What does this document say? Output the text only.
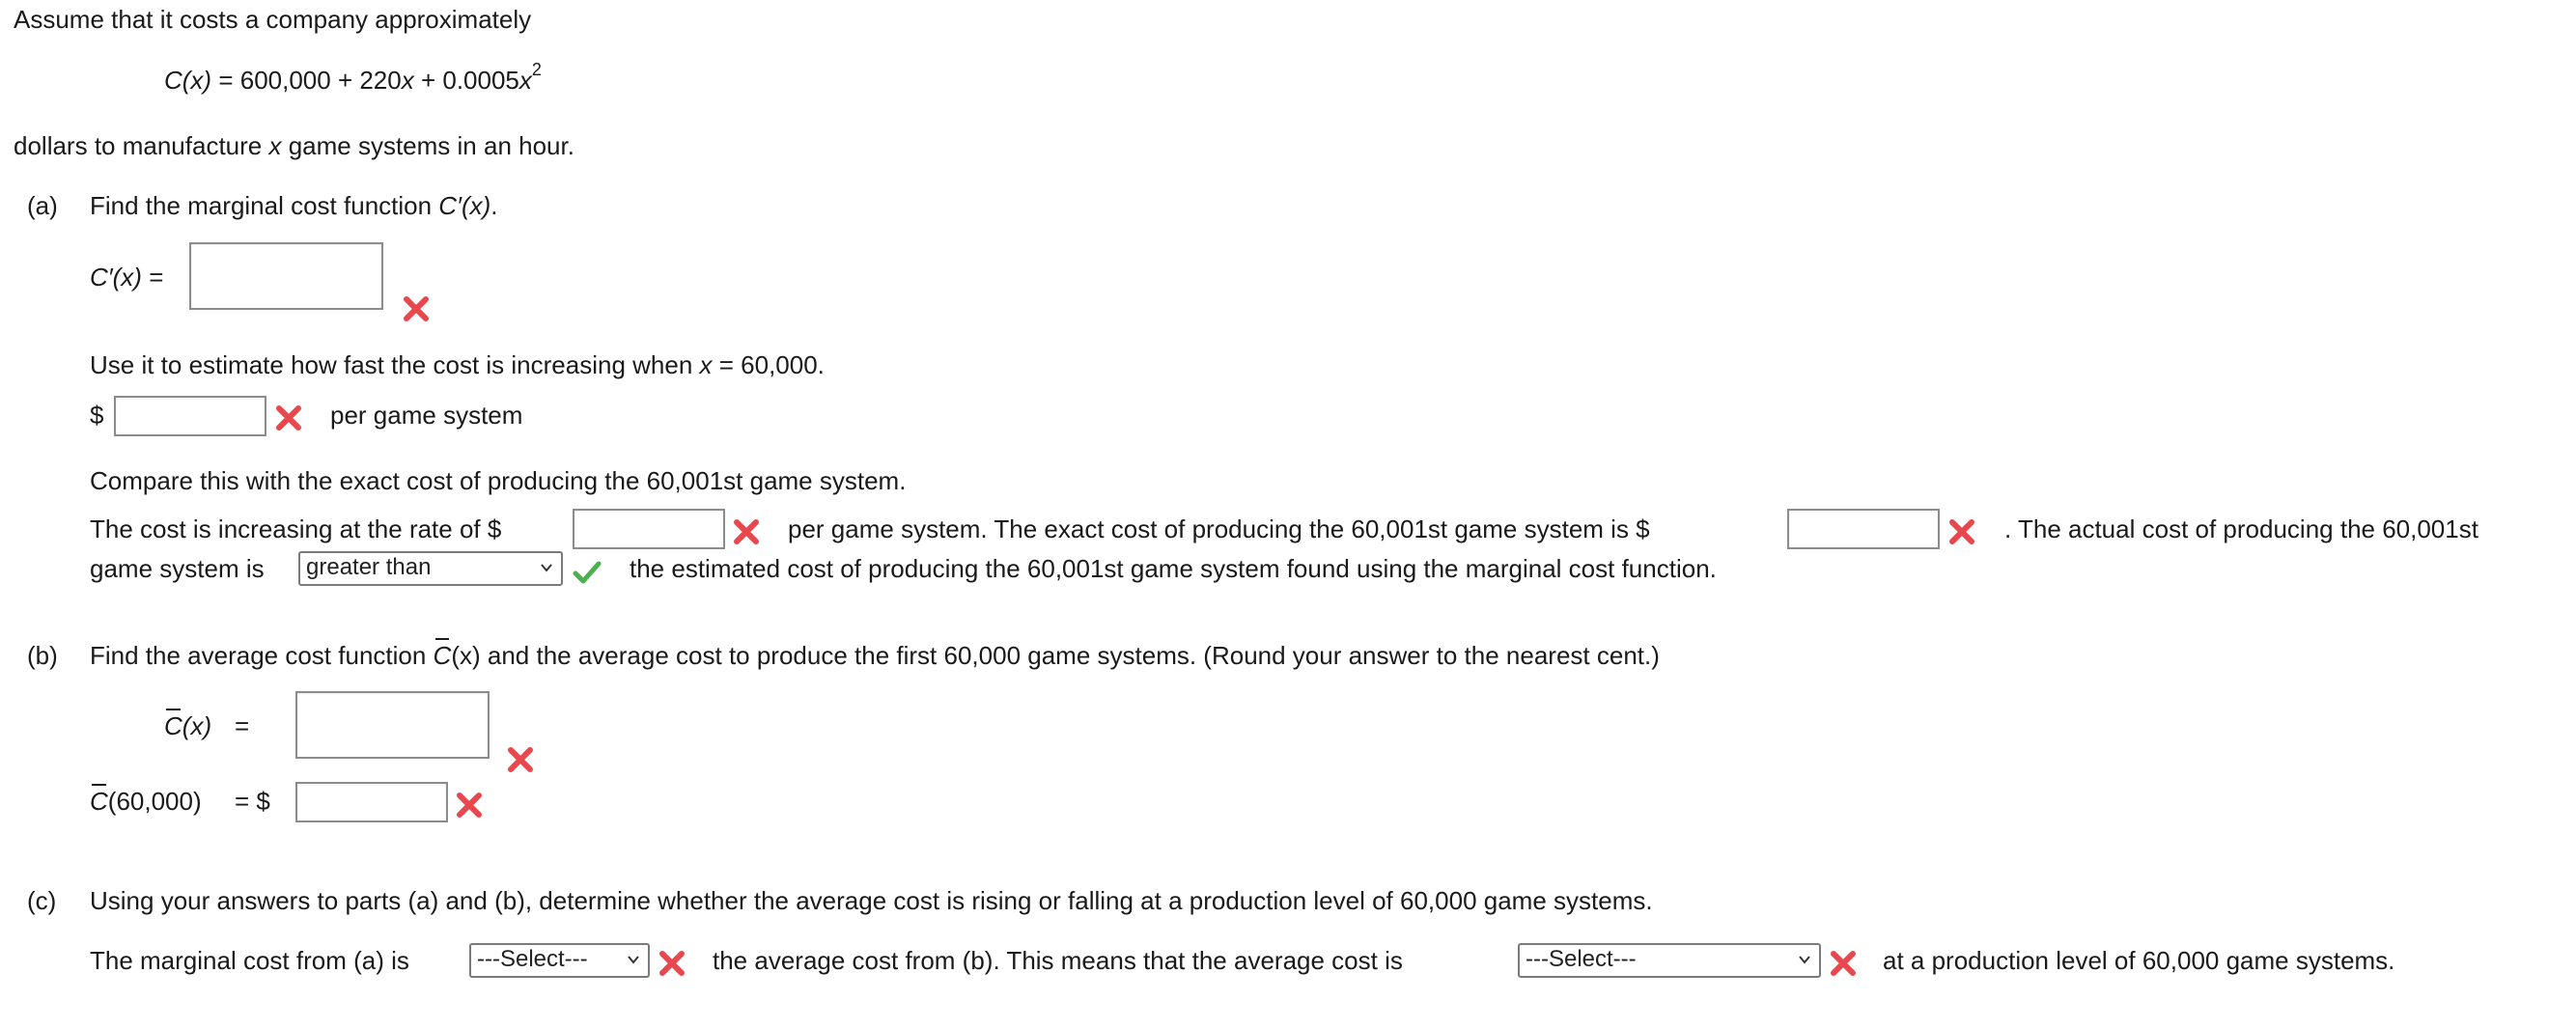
Assume that it costs a company approximately
$C(x) = 600,000 + 220x + 0.0005x^2$
dollars to manufacture x game systems in an hour.
(a) Find the marginal cost function C′(x).
C′(x) =
Use it to estimate how fast the cost is increasing when x = 60,000.
$	per game system
Compare this with the exact cost of producing the 60,001st game system.
The cost is increasing at the rate of $	per game system. The exact cost of producing the 60,001st game system is $	. The actual cost of producing the 60,001st
game system is	greater than	the estimated cost of producing the 60,001st game system found using the marginal cost function.
(b) Find the average cost function C(x) and the average cost to produce the first 60,000 game systems. (Round your answer to the nearest cent.)
C(x) =
C(60,000) = $
(c) Using your answers to parts (a) and (b), determine whether the average cost is rising or falling at a production level of 60,000 game systems.
The marginal cost from (a) is	---Select---	the average cost from (b). This means that the average cost is	---Select---	at a production level of 60,000 game systems.
